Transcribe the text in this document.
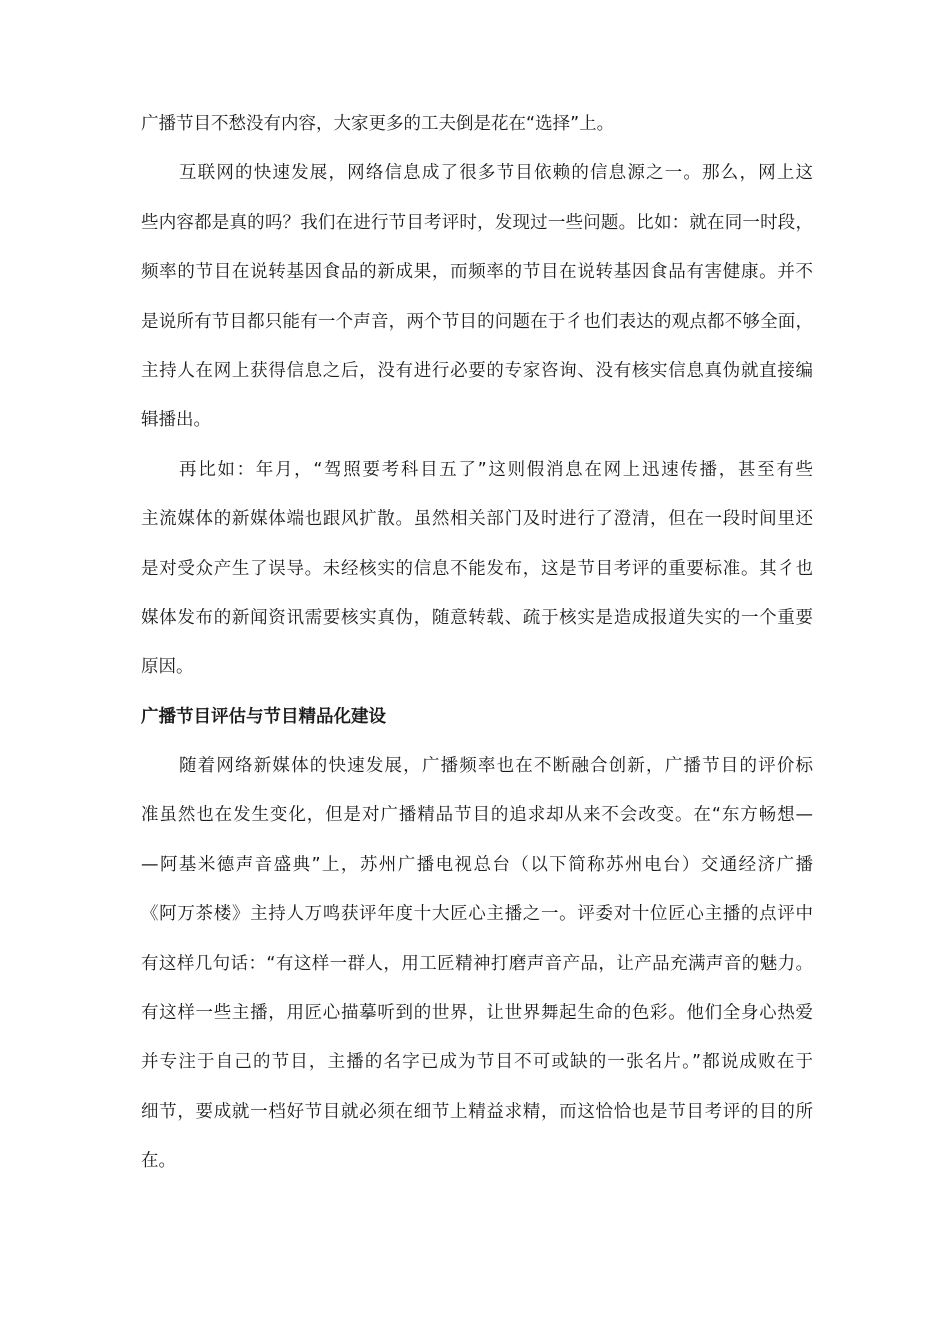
广播节目不愁没有内容，大家更多的工夫倒是花在“选择”上。
互联网的快速发展，网络信息成了很多节目依赖的信息源之一。那么，网上这
些内容都是真的吗？我们在进行节目考评时，发现过一些问题。比如：就在同一时段，
频率的节目在说转基因食品的新成果，而频率的节目在说转基因食品有害健康。并不
是说所有节目都只能有一个声音，两个节目的问题在于彳也们表达的观点都不够全面，
主持人在网上获得信息之后，没有进行必要的专家咨询、没有核实信息真伪就直接编
辑播出。
再比如：年月，“驾照要考科目五了”这则假消息在网上迅速传播，甚至有些
主流媒体的新媒体端也跟风扩散。虽然相关部门及时进行了澄清，但在一段时间里还
是对受众产生了误导。未经核实的信息不能发布，这是节目考评的重要标准。其彳也
媒体发布的新闻资讯需要核实真伪，随意转载、疏于核实是造成报道失实的一个重要
原因。
广播节目评估与节目精品化建设
随着网络新媒体的快速发展，广播频率也在不断融合创新，广播节目的评价标
准虽然也在发生变化，但是对广播精品节目的追求却从来不会改变。在“东方畅想—
—阿基米德声音盛典”上，苏州广播电视总台（以下简称苏州电台）交通经济广播
《阿万茶楼》主持人万鸣获评年度十大匠心主播之一。评委对十位匠心主播的点评中
有这样几句话：“有这样一群人，用工匠精神打磨声音产品，让产品充满声音的魅力。
有这样一些主播，用匠心描摹听到的世界，让世界舞起生命的色彩。他们全身心热爱
并专注于自己的节目，主播的名字已成为节目不可或缺的一张名片。”都说成败在于
细节，要成就一档好节目就必须在细节上精益求精，而这恰恰也是节目考评的目的所
在。
